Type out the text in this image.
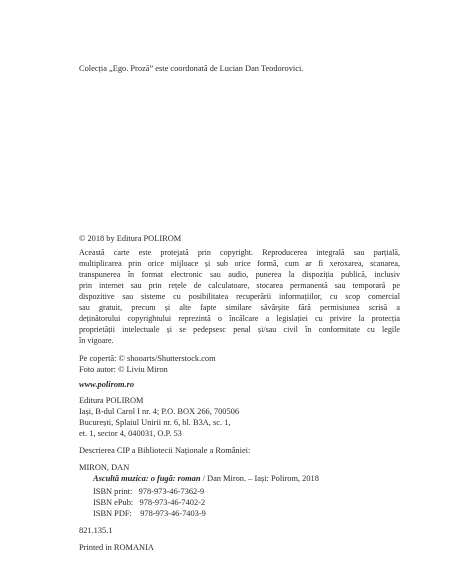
Colecția „Ego. Proză” este coordonată de Lucian Dan Teodorovici.
© 2018 by Editura POLIROM
Această carte este protejată prin copyright. Reproducerea integrală sau parțială,
multiplicarea prin orice mijloace și sub orice formă, cum ar fi xeroxarea, scanarea,
transpunerea în format electronic sau audio, punerea la dispoziția publică, inclusiv
prin internet sau prin rețele de calculatoare, stocarea permanentă sau temporară pe
dispozitive sau sisteme cu posibilitatea recuperării informațiilor, cu scop comercial
sau gratuit, precum și alte fapte similare săvârșite fără permisiunea scrisă a
deținătorului copyrightului reprezintă o încălcare a legislației cu privire la protecția
proprietății intelectuale și se pedepsesc penal și/sau civil în conformitate cu legile
în vigoare.
Pe copertă: © shooarts/Shutterstock.com
Foto autor: © Liviu Miron
www.polirom.ro
Editura POLIROM
Iași, B-dul Carol I nr. 4; P.O. BOX 266, 700506
București, Splaiul Unirii nr. 6, bl. B3A, sc. 1,
et. 1, sector 4, 040031, O.P. 53
Descrierea CIP a Bibliotecii Naționale a României:
MIRON, DAN
Ascultă muzica: o fugă: roman / Dan Miron. – Iași: Polirom, 2018
ISBN print:   978-973-46-7362-9
ISBN ePub:   978-973-46-7402-2
ISBN PDF:    978-973-46-7403-9
821.135.1
Printed in ROMANIA
